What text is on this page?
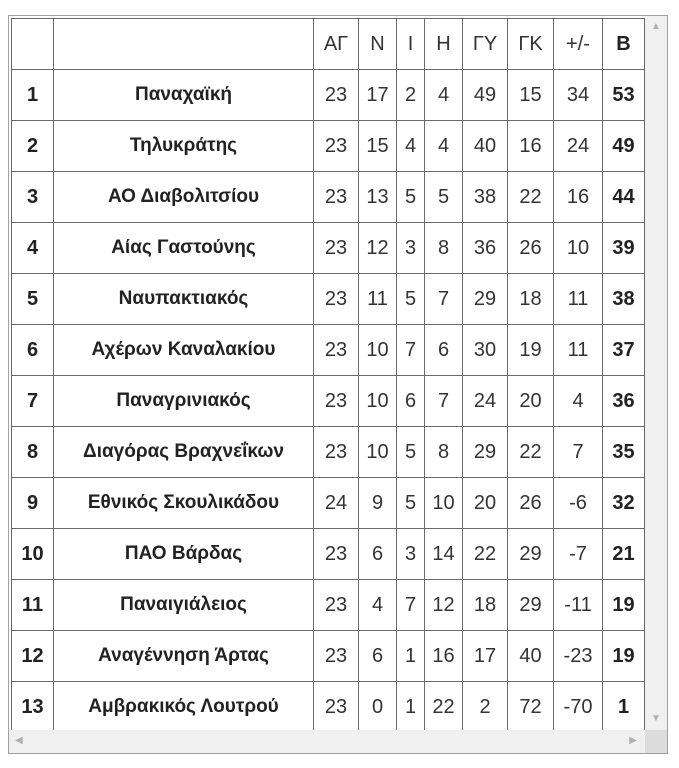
		ΑΓ	Ν	Ι	Η	ΓΥ	ΓΚ	+/-	Β
1	Παναχαϊκή	23	17	2	4	49	15	34	53
2	Τηλυκράτης	23	15	4	4	40	16	24	49
3	ΑΟ Διαβολιτσίου	23	13	5	5	38	22	16	44
4	Αίας Γαστούνης	23	12	3	8	36	26	10	39
5	Ναυπακτιακός	23	11	5	7	29	18	11	38
6	Αχέρων Καναλακίου	23	10	7	6	30	19	11	37
7	Παναγρινιακός	23	10	6	7	24	20	4	36
8	Διαγόρας Βραχνεΐκων	23	10	5	8	29	22	7	35
9	Εθνικός Σκουλικάδου	24	9	5	10	20	26	-6	32
10	ΠΑΟ Βάρδας	23	6	3	14	22	29	-7	21
11	Παναιγιάλειος	23	4	7	12	18	29	-11	19
12	Αναγέννηση Άρτας	23	6	1	16	17	40	-23	19
13	Αμβρακικός Λουτρού	23	0	1	22	2	72	-70	1
▲
▼
◀	▶
